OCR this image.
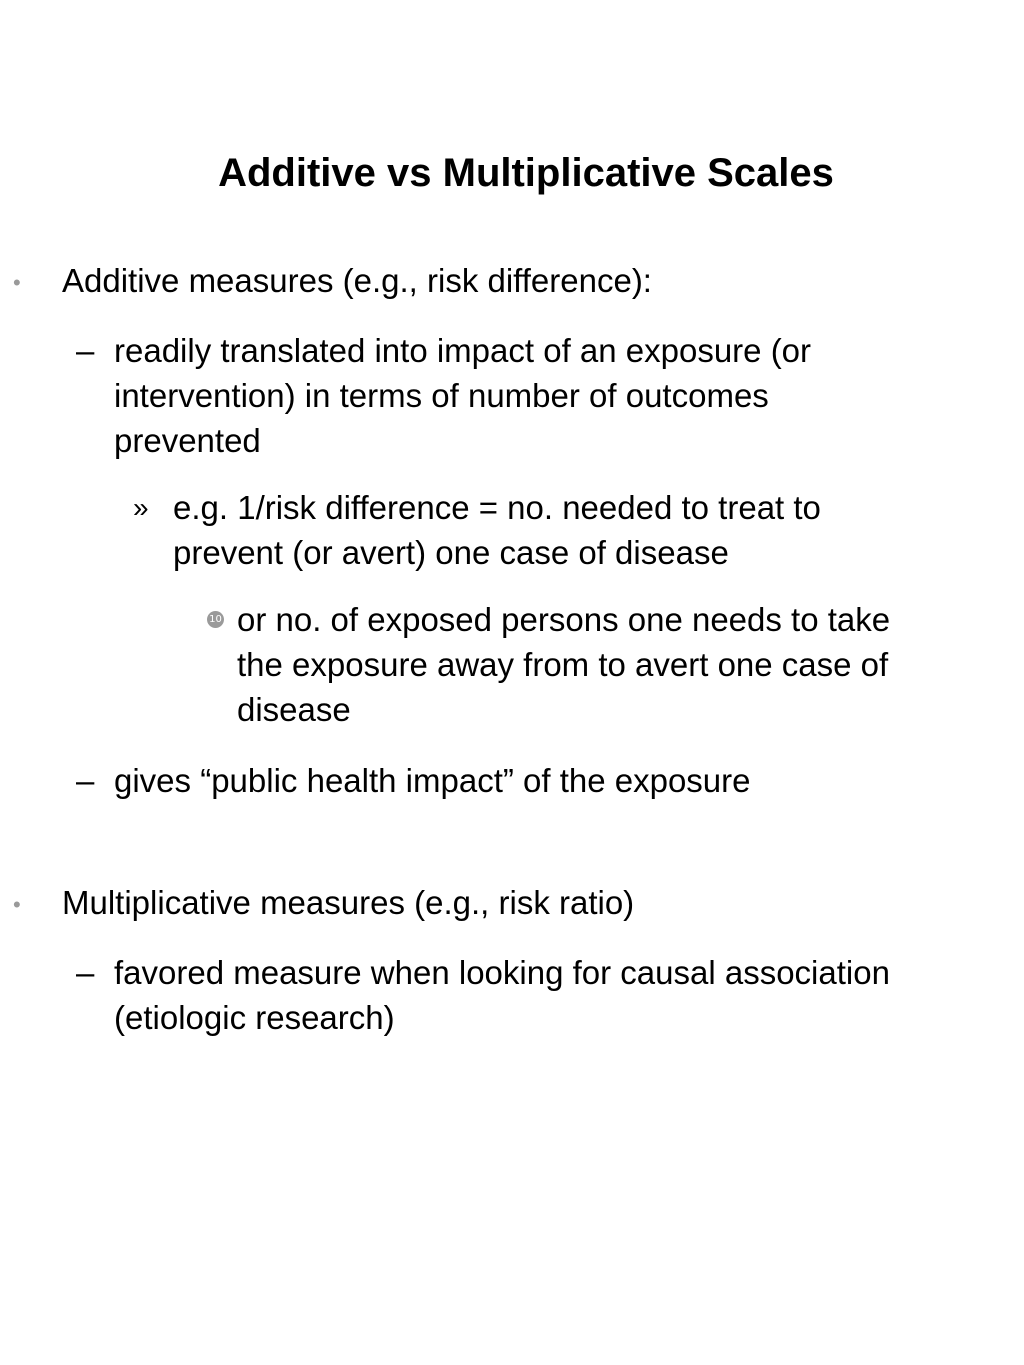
Additive vs Multiplicative Scales
• Additive measures (e.g., risk difference):
– readily translated into impact of an exposure (or
intervention) in terms of number of outcomes
prevented
» e.g. 1/risk difference = no. needed to treat to
prevent (or avert) one case of disease
10 or no. of exposed persons one needs to take
the exposure away from to avert one case of
disease
– gives “public health impact” of the exposure
• Multiplicative measures (e.g., risk ratio)
– favored measure when looking for causal association
(etiologic research)
